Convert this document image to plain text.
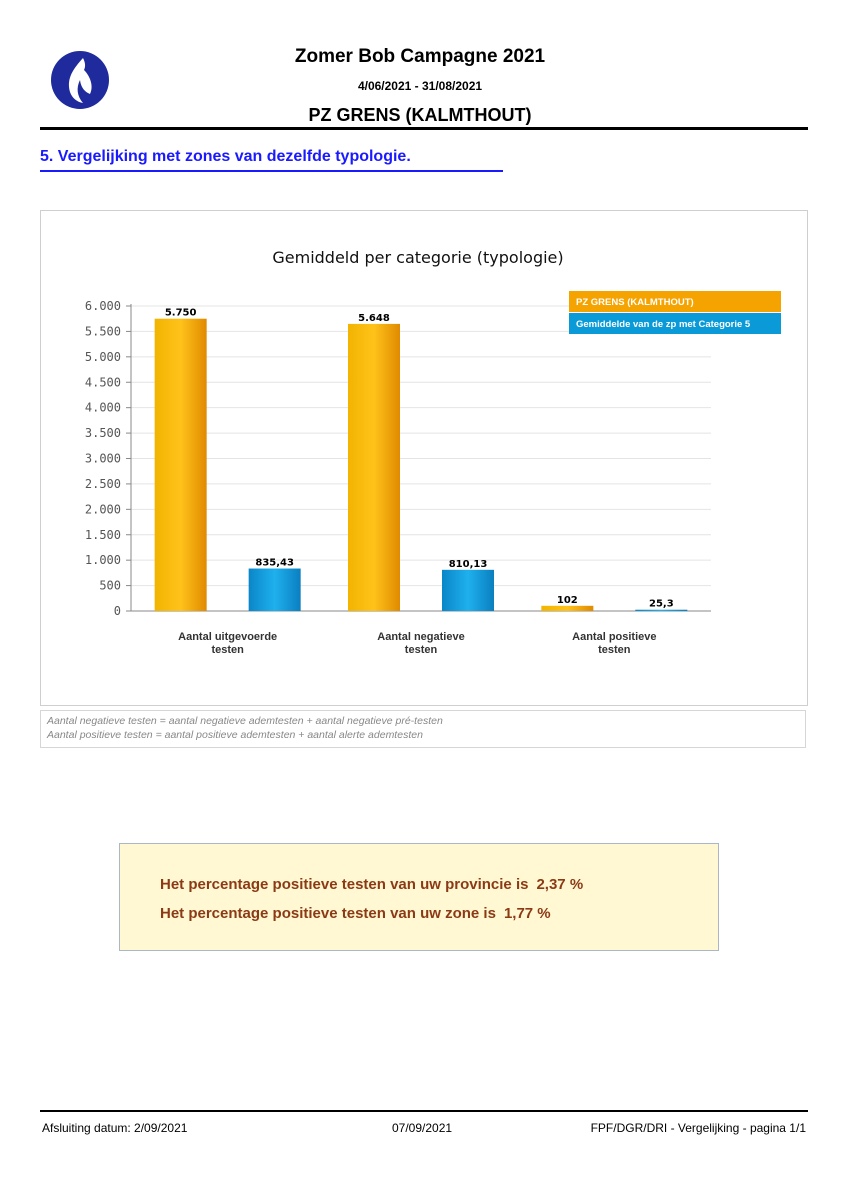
Zomer Bob Campagne 2021
4/06/2021 - 31/08/2021
PZ GRENS (KALMTHOUT)
5. Vergelijking met zones van dezelfde typologie.
Gemiddeld per categorie (typologie)
0
500
1.000
1.500
2.000
2.500
3.000
3.500
4.000
4.500
5.000
5.500
6.000
5.750
835,43
Aantal uitgevoerde
testen
5.648
810,13
Aantal negatieve
testen
102	25,3
Aantal positieve
testen
PZ GRENS (KALMTHOUT)
Gemiddelde van de zp met Categorie 5
Aantal negatieve testen = aantal negatieve ademtesten + aantal negatieve pré-testen
Aantal positieve testen = aantal positieve ademtesten + aantal alerte ademtesten
Het percentage positieve testen van uw provincie is 2,37 %
Het percentage positieve testen van uw zone is 1,77 %
Afsluiting datum: 2/09/2021	07/09/2021	FPF/DGR/DRI - Vergelijking - pagina 1/1
